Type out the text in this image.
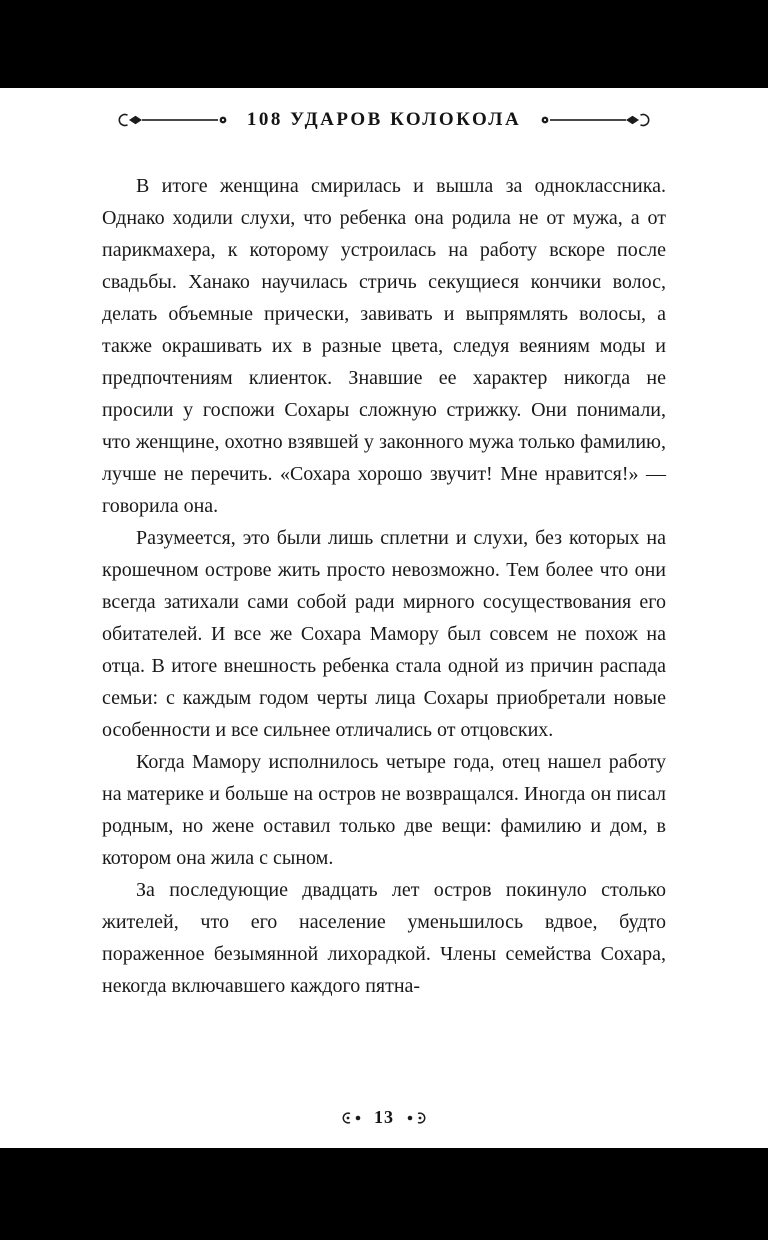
108 УДАРОВ КОЛОКОЛА

В итоге женщина смирилась и вышла за одноклассника. Однако ходили слухи, что ребенка она родила не от мужа, а от парикмахера, к которому устроилась на работу вскоре после свадьбы. Ханако научилась стричь секущиеся кончики волос, делать объемные прически, завивать и выпрямлять волосы, а также окрашивать их в разные цвета, следуя веяниям моды и предпочтениям клиенток. Знавшие ее характер никогда не просили у госпожи Сохары сложную стрижку. Они понимали, что женщине, охотно взявшей у законного мужа только фамилию, лучше не перечить. «Сохара хорошо звучит! Мне нравится!» — говорила она.

Разумеется, это были лишь сплетни и слухи, без которых на крошечном острове жить просто невозможно. Тем более что они всегда затихали сами собой ради мирного сосуществования его обитателей. И все же Сохара Мамору был совсем не похож на отца. В итоге внешность ребенка стала одной из причин распада семьи: с каждым годом черты лица Сохары приобретали новые особенности и все сильнее отличались от отцовских.

Когда Мамору исполнилось четыре года, отец нашел работу на материке и больше на остров не возвращался. Иногда он писал родным, но жене оставил только две вещи: фамилию и дом, в котором она жила с сыном.

За последующие двадцать лет остров покинуло столько жителей, что его население уменьшилось вдвое, будто пораженное безымянной лихорадкой. Члены семейства Сохара, некогда включавшего каждого пятна-

13
